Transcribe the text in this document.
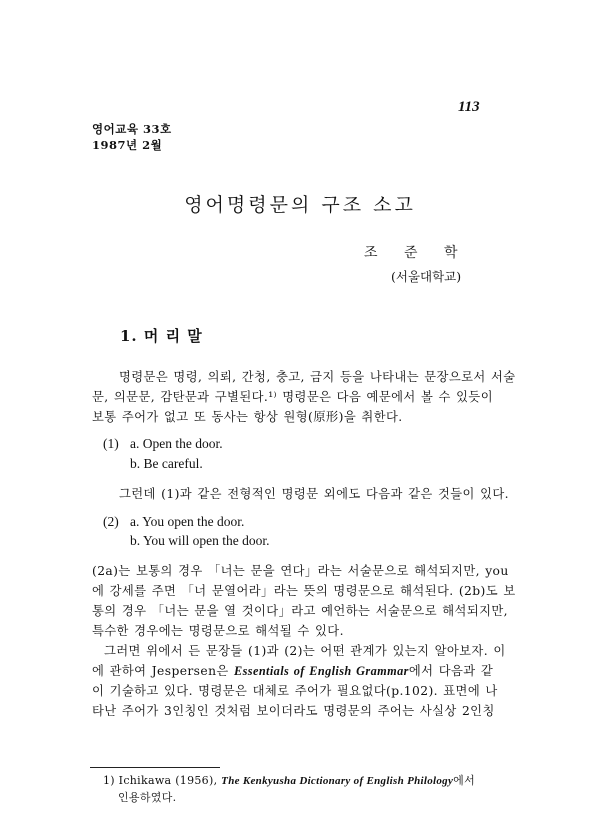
113
영어교육 33호
1987년 2월
영어명령문의 구조 소고
조 준 학
(서울대학교)
1. 머 리 말
명령문은 명령, 의뢰, 간청, 충고, 금지 등을 나타내는 문장으로서 서술
문, 의문문, 감탄문과 구별된다.¹⁾ 명령문은 다음 예문에서 볼 수 있듯이
보통 주어가 없고 또 동사는 항상 원형(原形)을 취한다.
(1) a. Open the door.
b. Be careful.
그런데 (1)과 같은 전형적인 명령문 외에도 다음과 같은 것들이 있다.
(2) a. You open the door.
b. You will open the door.
(2a)는 보통의 경우 「너는 문을 연다」라는 서술문으로 해석되지만, you
에 강세를 주면 「너 문열어라」라는 뜻의 명령문으로 해석된다. (2b)도 보
통의 경우 「너는 문을 열 것이다」라고 예언하는 서술문으로 해석되지만,
특수한 경우에는 명령문으로 해석될 수 있다.
그러면 위에서 든 문장들 (1)과 (2)는 어떤 관계가 있는지 알아보자. 이
에 관하여 Jespersen은 Essentials of English Grammar에서 다음과 같
이 기술하고 있다. 명령문은 대체로 주어가 필요없다(p.102). 표면에 나
타난 주어가 3인칭인 것처럼 보이더라도 명령문의 주어는 사실상 2인칭
1) Ichikawa (1956), The Kenkyusha Dictionary of English Philology에서
인용하였다.
